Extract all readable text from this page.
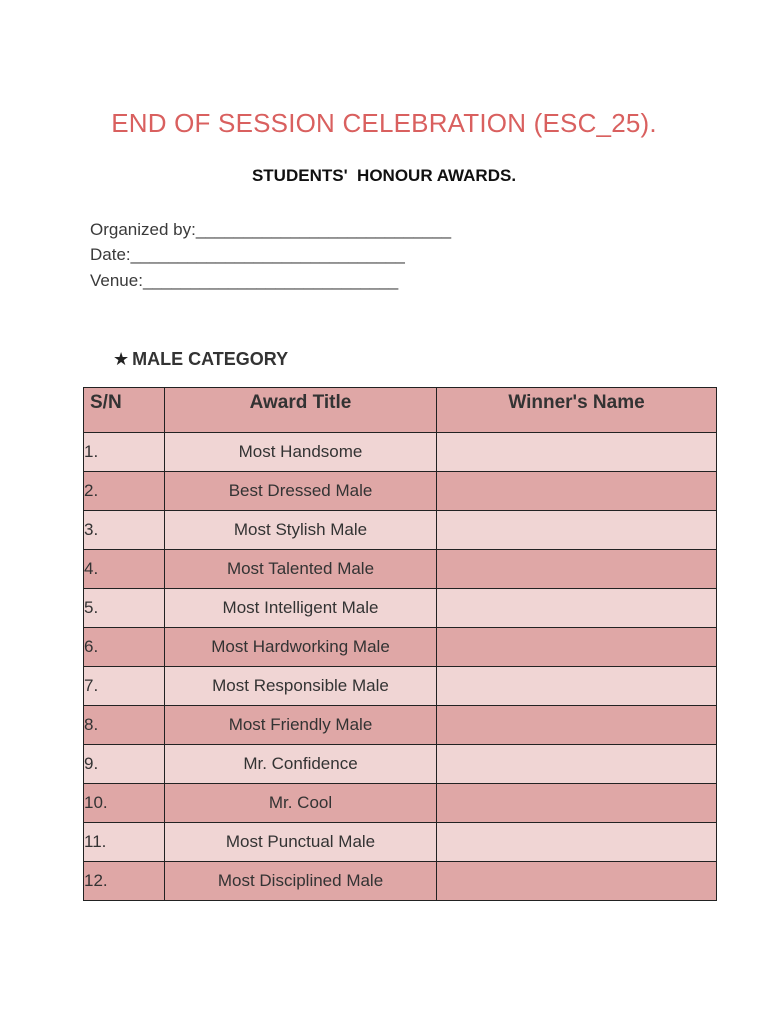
END OF SESSION CELEBRATION (ESC_25).
STUDENTS'  HONOUR AWARDS.
Organized by:___________________________
Date:_____________________________
Venue:___________________________
★ MALE CATEGORY
S/N	Award Title	Winner's Name
1.	Most Handsome	
2.	Best Dressed Male	
3.	Most Stylish Male	
4.	Most Talented Male	
5.	Most Intelligent Male	
6.	Most Hardworking Male	
7.	Most Responsible Male	
8.	Most Friendly Male	
9.	Mr. Confidence	
10.	Mr. Cool	
11.	Most Punctual Male	
12.	Most Disciplined Male	
